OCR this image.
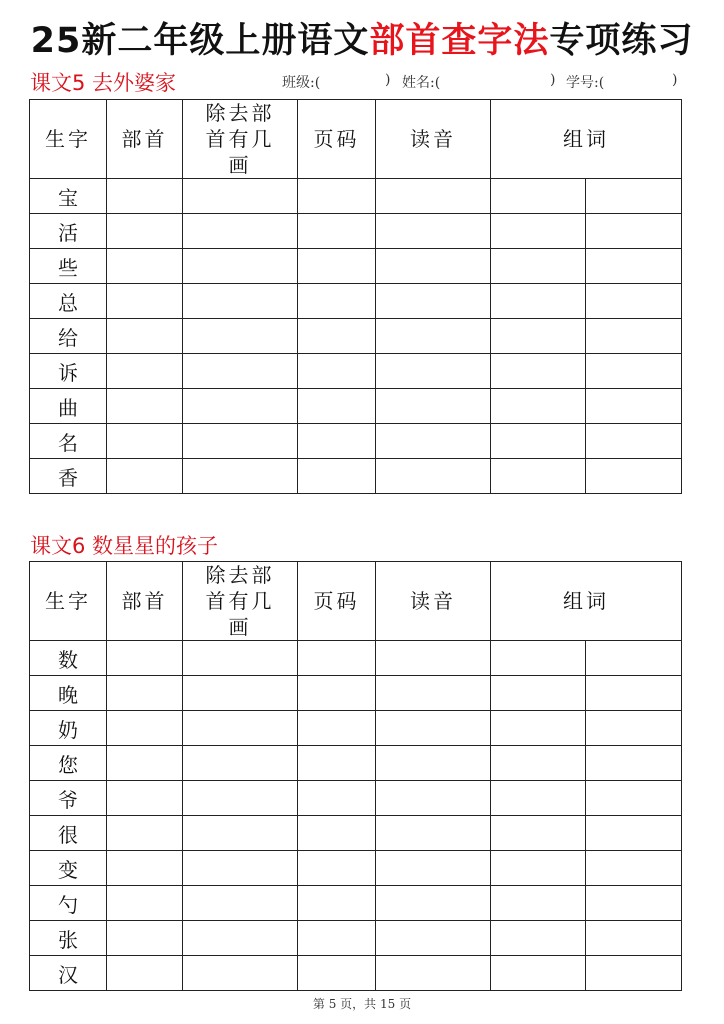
25新二年级上册语文部首查字法专项练习
课文5 去外婆家	班级:(	) 姓名:(	) 学号:(	)
生字	部首	除去部首有几画	页码	读音	组词	
宝						
活						
些						
总						
给						
诉						
曲						
名						
香						
课文6 数星星的孩子
生字	部首	除去部首有几画	页码	读音	组词	
数						
晚						
奶						
您						
爷						
很						
变						
勺						
张						
汉						
第 5 页，共 15 页
